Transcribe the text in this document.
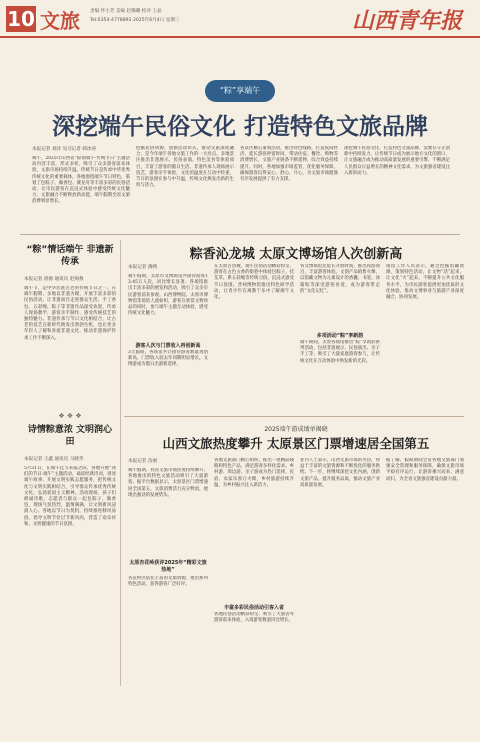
10 文旅 责编 怀小芳 美编 赵璐璐 校对 王晶
Tel:0354-4778893 2025年6月4日 星期三	山西青年报
“粽”享端午
深挖端午民俗文化 打造特色文旅品牌
本报记者 刘萍 见习记者 韩冰涛
端午，2025年山西省“粽情端午·传统节日”主题活动内容丰富，形式多样，吸引了众多游客前来体验，文旅市场持续升温。传统节日是传承中华优秀传统文化的重要载体，各地围绕端午节日特色，策划了包粽子、做香包、赛龙舟等丰富多彩的民俗活动，让市民游客在沉浸式体验中感受传统文化魅力，文旅融合不断释放新动能，端午假期全省文旅消费明显增长。
挖掘民俗资源，创新活动形式，推动文旅深度融合，是今年端午各地文旅工作的一大亮点。多地景区推出非遗展示、民俗表演、特色美食等体验项目，丰富了游客的假日生活。非遗传承人现场展示技艺，游客亲手体验，文化的温度在互动中传递，节日的氛围在参与中升温，传统文化焕发出新的生机与活力。
各景区精心策划活动，推出特色线路，打造夜间经济，延长游客停留时间，带动住宿、餐饮、购物等消费增长，文旅产业链条不断延伸，综合效益持续提升。同时，各地加强市场监管，优化服务保障，确保游客玩得安心、舒心、开心，为文旅市场健康有序发展提供了有力支撑。
深挖端午民俗文化，打造特色文旅品牌，需要在守正创新中持续发力，让传统节日成为展示地方文化的窗口，让文旅融合成为推动高质量发展的重要引擎，不断满足人民群众日益增长的精神文化需求，为文旅强省建设注入新的动力。
“粽”情话端午 非遗新传承
本报记者 唐源 通讯员 赵海燕
端午节，是中华民族古老的传统节日之一。在端午假期，多地以非遗为媒，开展丰富多彩的民俗活动，让非遗项目走进群众生活。手工香包、五彩绳、粽子等非遗作品深受欢迎，传承人现场教学，游客亲手制作，感受传统技艺的独特魅力。非遗传承与节日文化相结合，让古老的技艺在新时代焕发出勃勃生机，也让更多年轻人了解和喜爱非遗文化，推动非遗保护传承工作不断深入。
❖ ❖ ❖
诗情粽意浓 文明润心田
本报记者 王鑫 通讯员 马晓华
5月31日，在端午佳节来临之际，各地开展“我们的节日·端午”主题活动，诵读经典诗词，讲述端午故事，开展文明实践志愿服务，把传统文化与文明实践相结合，引导群众传承优秀传统文化，弘扬爱国主义精神。活动现场，孩子们朗诵诗歌，志愿者与群众一起包粽子、做香包，现场气氛热烈，温情满满，让文明新风浸润人心。各地以节日为契机，持续推进移风易俗，倡导文明节俭过节新风尚，营造了欢乐祥和、文明健康的节日氛围。
粽香沁龙城 太原文博场馆人次创新高
本报记者 薄朔
端午假期，太原市文博场馆共接待游客13.45万人次，同比增长显著。各场馆推出丰富多彩的展览和活动，吸引了众多市民游客前来参观。山西博物院、太原市博物馆等场馆人流如织，游客在欣赏文物珍品的同时，参与端午主题互动体验，感受传统文化魅力。
游客人次与门票收入再创新高
3天假期，各场馆共计接待游客数量再创新高，门票收入较去年同期明显增长，文博游成为假日出游新选择。
在太原古县城，端午民俗活动精彩纷呈，游客在古色古香的街巷中体验包粽子、挂艾草、系五彩绳等传统习俗，沉浸式感受节日氛围。晋祠博物馆推出特色研学活动，让青少年在寓教于乐中了解端午文化。
各文博场馆还延长开放时间，推出夜游项目，丰富游客体验。文创产品销售火爆，以馆藏文物为元素设计的香囊、书签、冰箱贴等深受游客喜爱，成为游客带走的“文化记忆”。
多项活动“粽”享新韵
端午期间，太原各场馆推出“粽”享新韵系列活动，包括非遗展示、民俗演出、亲子手工等，吸引了大量家庭游客参与，让传统文化在互动体验中焕发新的光彩。
场馆工作人员表示，通过挖掘馆藏资源，策划特色活动，让文物“活”起来，让文化“火”起来，不断提升公共文化服务水平，为市民游客提供更加优质的文化体验，推动文博事业与旅游产业深度融合、协同发展。
2025端午游成绩单揭晓
山西文旅热度攀升 太原景区门票增速居全国第五
本报记者 苗丽
端午假期，我省文旅市场热度持续攀升，各地推出的特色文旅活动吸引了大量游客。据平台数据显示，太原景区门票增速居全国第五，文旅消费活力充分释放，展现出强劲的发展势头。
太原杏花岭获评2025年“精彩文旅热地”
杏花岭区依托丰富的文旅资源，推出系列特色活动，获得游客广泛好评。
各地文旅部门精心组织，推出一批精品线路和特色产品，满足游客多样化需求。乡村游、周边游、亲子游成为热门选择，民宿、农家乐预订火爆，乡村旅游持续升温，为乡村振兴注入新活力。
丰富多彩民俗活动引客入省
各地民俗活动精彩纷呈，吸引了大量省外游客前来体验，入境游客数量同比增长。
业内人士表示，山西文旅市场的火热，得益于丰富的文旅资源和不断优化的服务供给。下一步，将继续深挖文化内涵，创新文旅产品，提升服务品质，推动文旅产业高质量发展。
据了解，假期期间全省各地文旅部门加强安全管理和服务保障，确保文旅市场平稳有序运行，让游客乘兴而来、满意而归，为全省文旅强省建设贡献力量。
